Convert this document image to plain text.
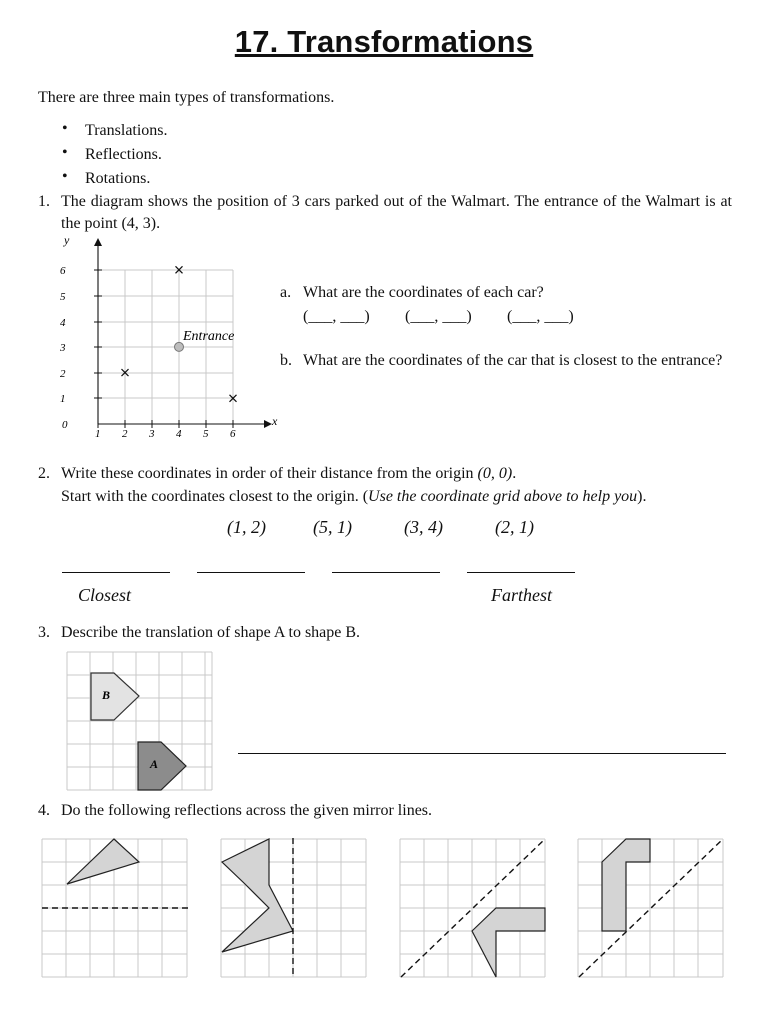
17. Transformations
There are three main types of transformations.
• Translations.
• Reflections.
• Rotations.
1. The diagram shows the position of 3 cars parked out of the Walmart. The entrance of the Walmart is at the point (4, 3).
x
y
1 2 3 4 5 6
1
2
3
4
5
6
0
Entrance
a. What are the coordinates of each car?
(___, ___) (___, ___) (___, ___)
b. What are the coordinates of the car that is closest to the entrance?
2. Write these coordinates in order of their distance from the origin (0, 0).
Start with the coordinates closest to the origin. (Use the coordinate grid above to help you).
(1, 2)	(5, 1)	(3, 4)	(2, 1)
Closest	Farthest
3. Describe the translation of shape A to shape B.
B
A
4. Do the following reflections across the given mirror lines.
